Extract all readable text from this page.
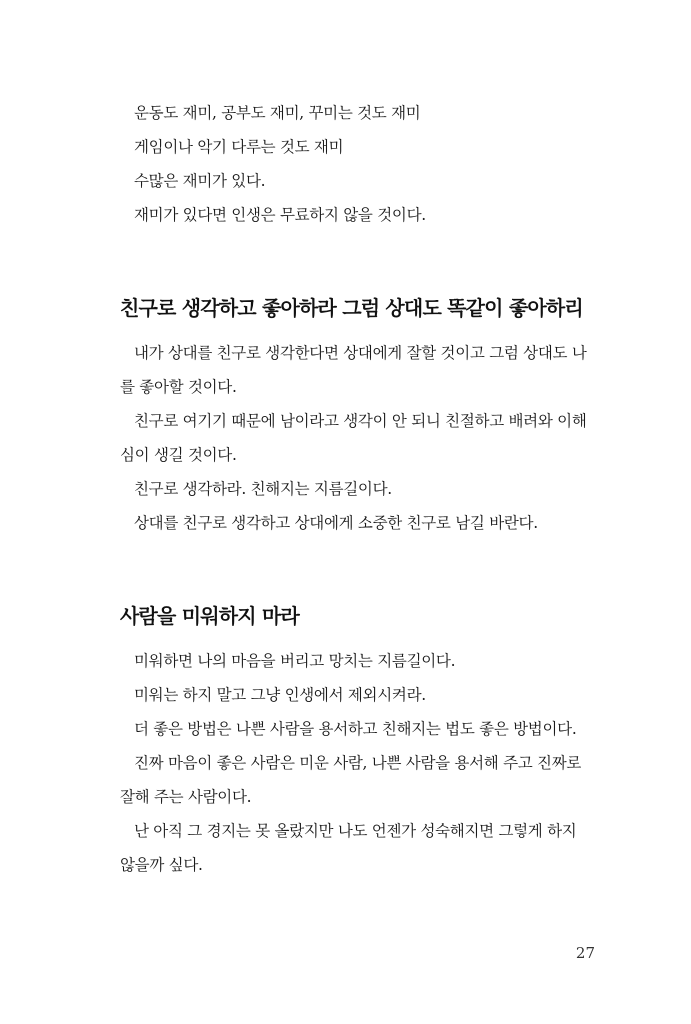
운동도 재미, 공부도 재미, 꾸미는 것도 재미
게임이나 악기 다루는 것도 재미
수많은 재미가 있다.
재미가 있다면 인생은 무료하지 않을 것이다.
친구로 생각하고 좋아하라 그럼 상대도 똑같이 좋아하리
내가 상대를 친구로 생각한다면 상대에게 잘할 것이고 그럼 상대도 나
를 좋아할 것이다.
친구로 여기기 때문에 남이라고 생각이 안 되니 친절하고 배려와 이해
심이 생길 것이다.
친구로 생각하라. 친해지는 지름길이다.
상대를 친구로 생각하고 상대에게 소중한 친구로 남길 바란다.
사람을 미워하지 마라
미워하면 나의 마음을 버리고 망치는 지름길이다.
미워는 하지 말고 그냥 인생에서 제외시켜라.
더 좋은 방법은 나쁜 사람을 용서하고 친해지는 법도 좋은 방법이다.
진짜 마음이 좋은 사람은 미운 사람, 나쁜 사람을 용서해 주고 진짜로
잘해 주는 사람이다.
난 아직 그 경지는 못 올랐지만 나도 언젠가 성숙해지면 그렇게 하지
않을까 싶다.
27
